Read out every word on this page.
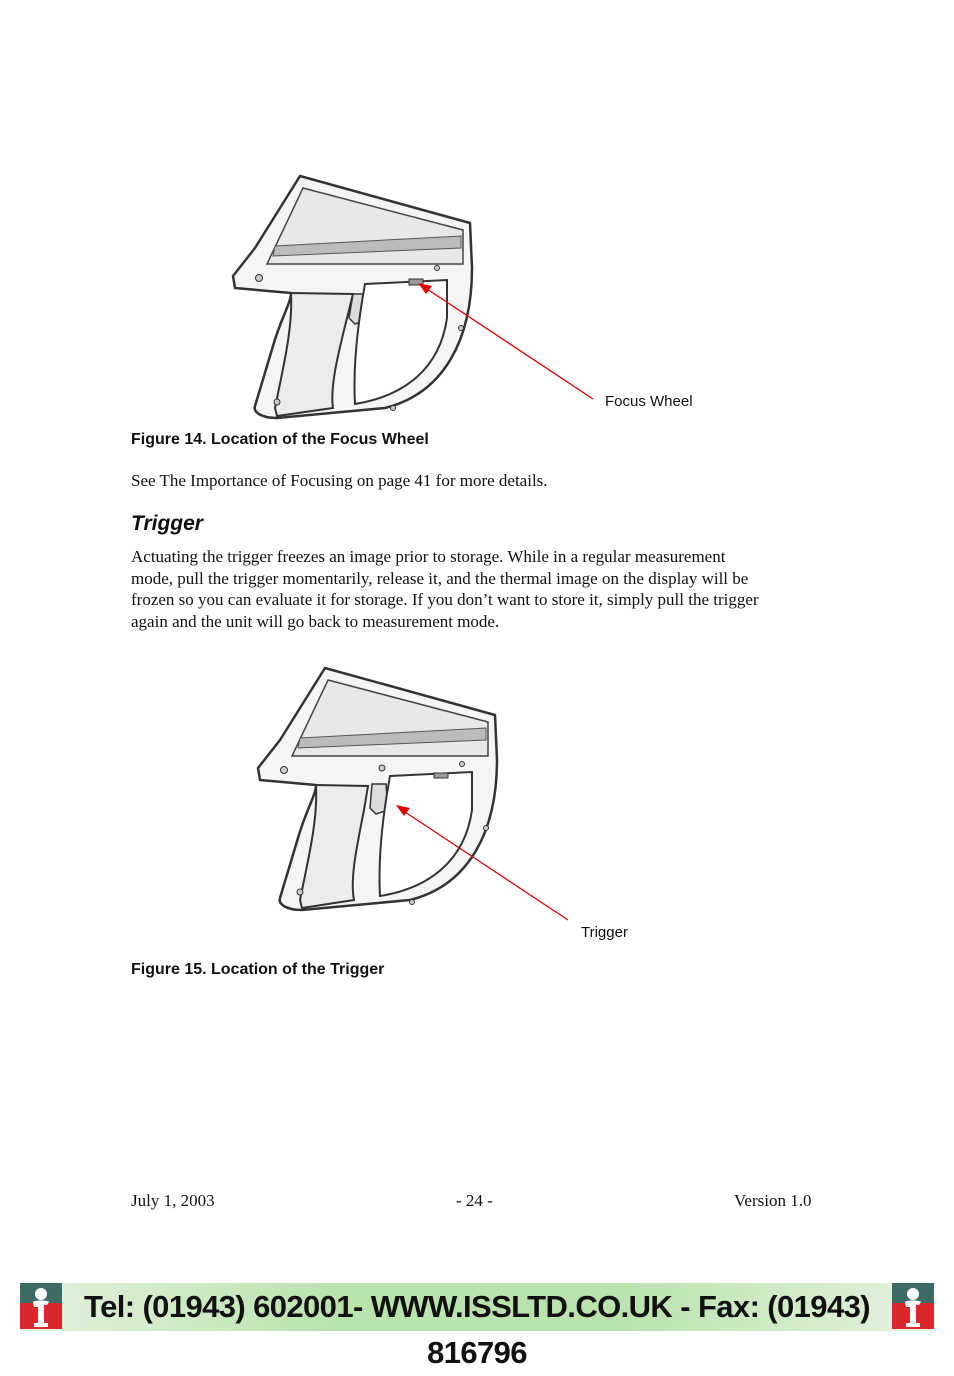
Focus Wheel
Figure 14. Location of the Focus Wheel
See The Importance of Focusing on page 41 for more details.
Trigger
Actuating the trigger freezes an image prior to storage. While in a regular measurement
mode, pull the trigger momentarily, release it, and the thermal image on the display will be
frozen so you can evaluate it for storage. If you don’t want to store it, simply pull the trigger
again and the unit will go back to measurement mode.
Trigger
Figure 15. Location of the Trigger
July 1, 2003	- 24 -	Version 1.0
Tel: (01943) 602001- WWW.ISSLTD.CO.UK - Fax: (01943) 816796
